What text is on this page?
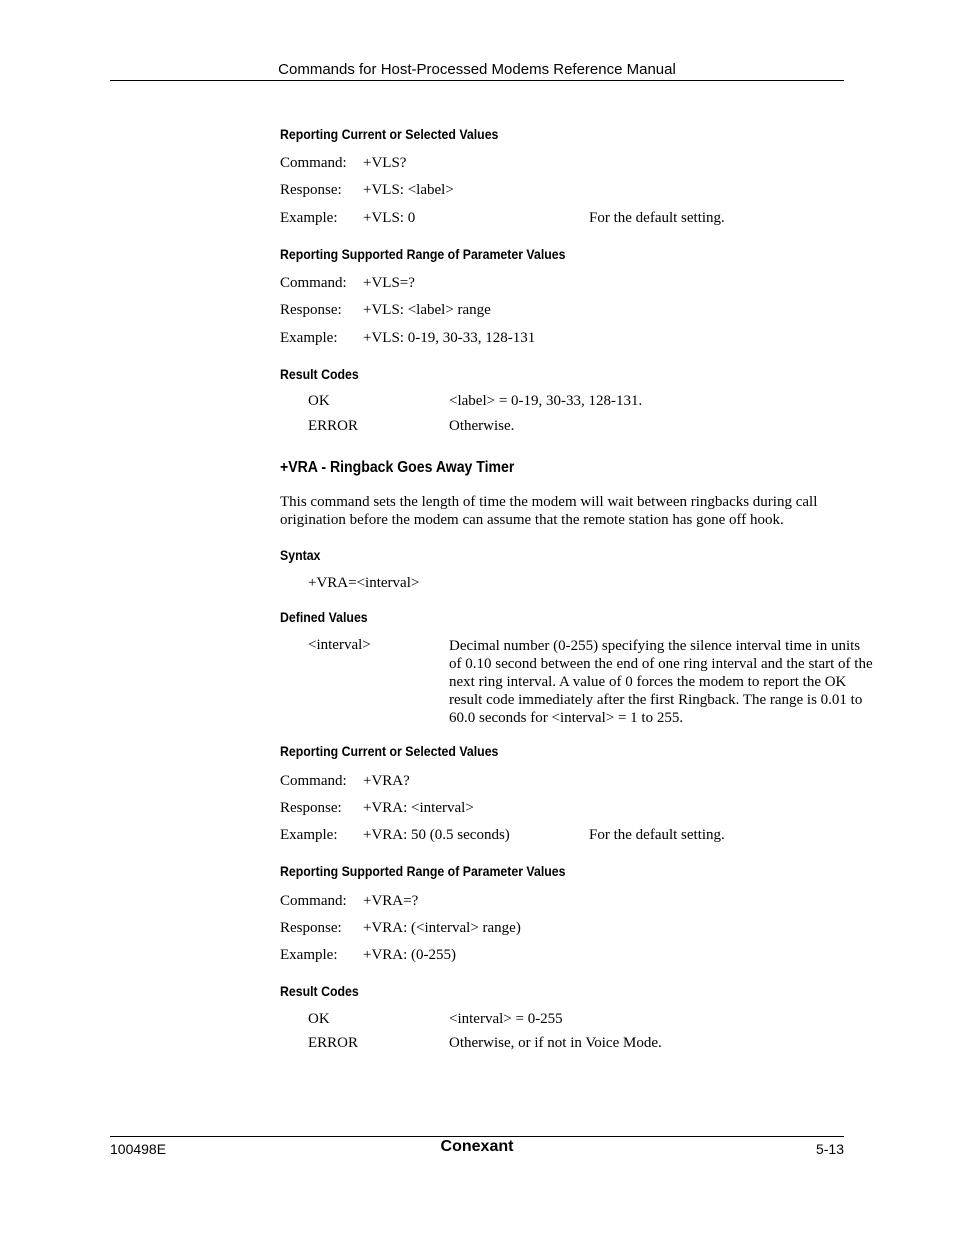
Commands for Host-Processed Modems Reference Manual
Reporting Current or Selected Values
Command: +VLS?
Response: +VLS: <label>
Example: +VLS: 0	For the default setting.
Reporting Supported Range of Parameter Values
Command: +VLS=?
Response: +VLS: <label> range
Example: +VLS: 0-19, 30-33, 128-131
Result Codes
OK	<label> = 0-19, 30-33, 128-131.
ERROR	Otherwise.
+VRA - Ringback Goes Away Timer
This command sets the length of time the modem will wait between ringbacks during call origination before the modem can assume that the remote station has gone off hook.
Syntax
+VRA=<interval>
Defined Values
<interval>	Decimal number (0-255) specifying the silence interval time in units of 0.10 second between the end of one ring interval and the start of the next ring interval. A value of 0 forces the modem to report the OK result code immediately after the first Ringback. The range is 0.01 to 60.0 seconds for <interval> = 1 to 255.
Reporting Current or Selected Values
Command: +VRA?
Response: +VRA: <interval>
Example: +VRA: 50 (0.5 seconds)	For the default setting.
Reporting Supported Range of Parameter Values
Command: +VRA=?
Response: +VRA: (<interval> range)
Example: +VRA: (0-255)
Result Codes
OK	<interval> = 0-255
ERROR	Otherwise, or if not in Voice Mode.
100498E	Conexant	5-13
